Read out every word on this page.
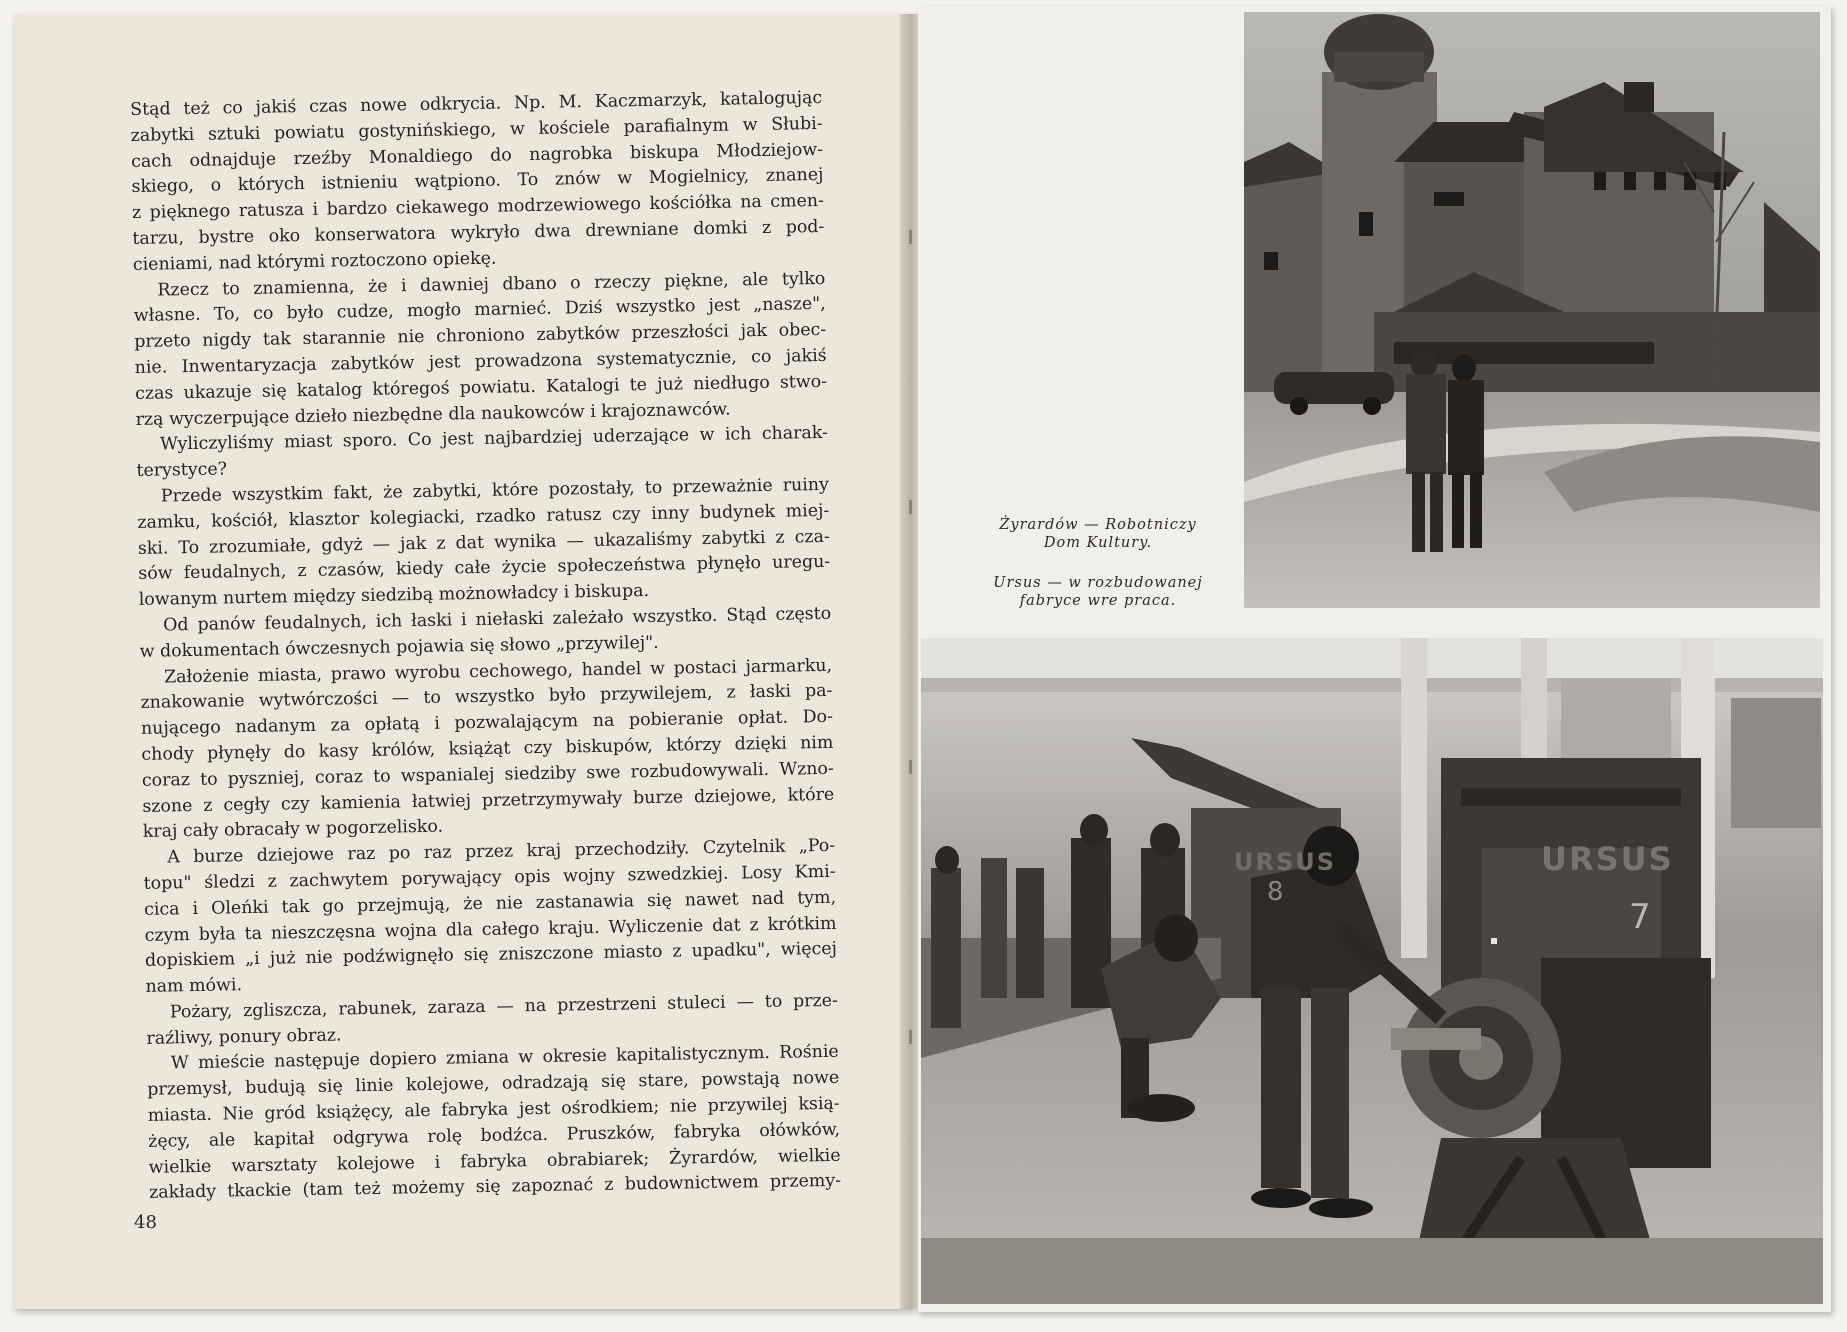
Stąd też co jakiś czas nowe odkrycia. Np. M. Kaczmarzyk, katalogując
zabytki sztuki powiatu gostynińskiego, w kościele parafialnym w Słubi-
cach odnajduje rzeźby Monaldiego do nagrobka biskupa Młodziejow-
skiego, o których istnieniu wątpiono. To znów w Mogielnicy, znanej
z pięknego ratusza i bardzo ciekawego modrzewiowego kościółka na cmen-
tarzu, bystre oko konserwatora wykryło dwa drewniane domki z pod-
cieniami, nad którymi roztoczono opiekę.
Rzecz to znamienna, że i dawniej dbano o rzeczy piękne, ale tylko
własne. To, co było cudze, mogło marnieć. Dziś wszystko jest „nasze",
przeto nigdy tak starannie nie chroniono zabytków przeszłości jak obec-
nie. Inwentaryzacja zabytków jest prowadzona systematycznie, co jakiś
czas ukazuje się katalog któregoś powiatu. Katalogi te już niedługo stwo-
rzą wyczerpujące dzieło niezbędne dla naukowców i krajoznawców.
Wyliczyliśmy miast sporo. Co jest najbardziej uderzające w ich charak-
terystyce?
Przede wszystkim fakt, że zabytki, które pozostały, to przeważnie ruiny
zamku, kościół, klasztor kolegiacki, rzadko ratusz czy inny budynek miej-
ski. To zrozumiałe, gdyż — jak z dat wynika — ukazaliśmy zabytki z cza-
sów feudalnych, z czasów, kiedy całe życie społeczeństwa płynęło uregu-
lowanym nurtem między siedzibą możnowładcy i biskupa.
Od panów feudalnych, ich łaski i niełaski zależało wszystko. Stąd często
w dokumentach ówczesnych pojawia się słowo „przywilej".
Założenie miasta, prawo wyrobu cechowego, handel w postaci jarmarku,
znakowanie wytwórczości — to wszystko było przywilejem, z łaski pa-
nującego nadanym za opłatą i pozwalającym na pobieranie opłat. Do-
chody płynęły do kasy królów, książąt czy biskupów, którzy dzięki nim
coraz to pyszniej, coraz to wspanialej siedziby swe rozbudowywali. Wzno-
szone z cegły czy kamienia łatwiej przetrzymywały burze dziejowe, które
kraj cały obracały w pogorzelisko.
A burze dziejowe raz po raz przez kraj przechodziły. Czytelnik „Po-
topu" śledzi z zachwytem porywający opis wojny szwedzkiej. Losy Kmi-
cica i Oleńki tak go przejmują, że nie zastanawia się nawet nad tym,
czym była ta nieszczęsna wojna dla całego kraju. Wyliczenie dat z krótkim
dopiskiem „i już nie podźwignęło się zniszczone miasto z upadku", więcej
nam mówi.
Pożary, zgliszcza, rabunek, zaraza — na przestrzeni stuleci — to prze-
raźliwy, ponury obraz.
W mieście następuje dopiero zmiana w okresie kapitalistycznym. Rośnie
przemysł, budują się linie kolejowe, odradzają się stare, powstają nowe
miasta. Nie gród książęcy, ale fabryka jest ośrodkiem; nie przywilej ksią-
żęcy, ale kapitał odgrywa rolę bodźca. Pruszków, fabryka ołówków,
wielkie warsztaty kolejowe i fabryka obrabiarek; Żyrardów, wielkie
zakłady tkackie (tam też możemy się zapoznać z budownictwem przemy-
48
Żyrardów — Robotniczy Dom Kultury.
Ursus — w rozbudowanej fabryce wre praca.
URSUS
8
URSUS
7
